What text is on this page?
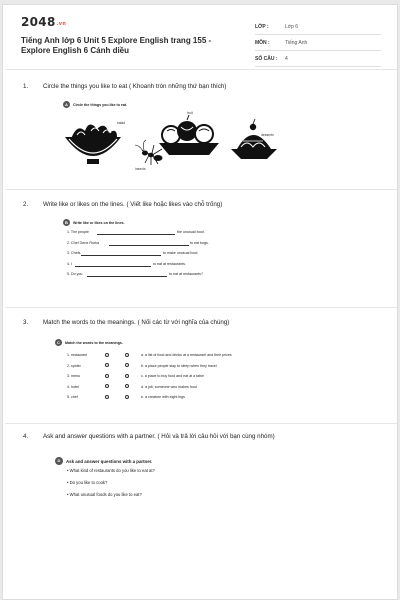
2048.vn
Tiếng Anh lớp 6 Unit 5 Explore English trang 155 - Explore English 6 Cánh diều
LỚP :	Lớp 6
MÔN :	Tiếng Anh
SỐ CÂU : 4
1. Circle the things you like to eat ( Khoanh tròn những thứ bạn thích)
A	Circle the things you like to eat.
salad
fruit
desserts
insects
2. Write like or likes on the lines. ( Viết like hoặc likes vào chỗ trống)
B	Write like or likes on the lines.
1. The people	the unusual food.
2. Chef Gene Rurka	to eat bugs.
3. Chefs	to make unusual food.
4. I	to eat at restaurants.
5. Do you	to eat at restaurants?
3. Match the words to the meanings. ( Nối các từ với nghĩa của chúng)
C	Match the words to the meanings.
1. restaurant	a. a list of food and drinks at a restaurant and their prices
2. spider	b. a place people stay to sleep when they travel
3. menu	c. a place to buy food and eat at a table
4. hotel	d. a job; someone who makes food
5. chef	e. a creature with eight legs
4. Ask and answer questions with a partner. ( Hỏi và trả lời câu hỏi với bạn cùng nhóm)
D	Ask and answer questions with a partner.
• What kind of restaurants do you like to eat at?
• Do you like to cook?
• What unusual foods do you like to eat?
